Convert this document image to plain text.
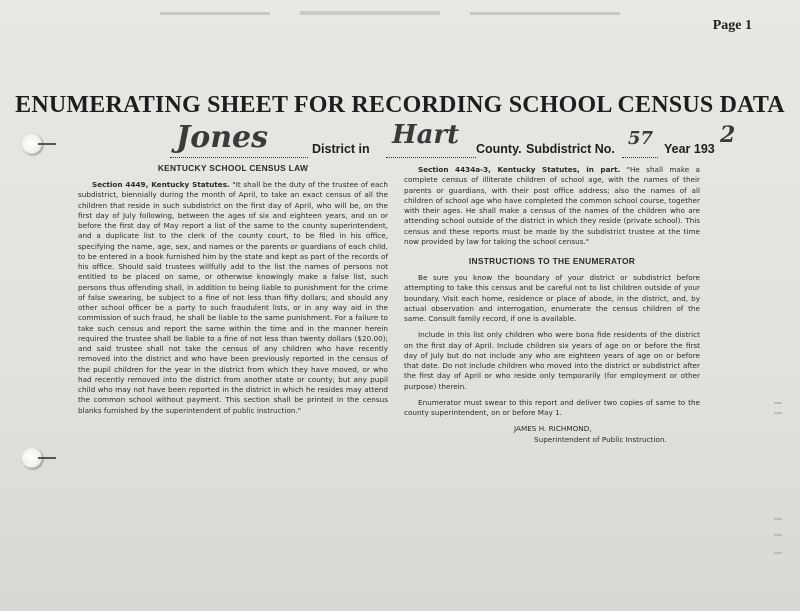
Page 1
ENUMERATING SHEET FOR RECORDING SCHOOL CENSUS DATA
Jones	District in Hart County. Subdistrict No. 57 Year 193
2
KENTUCKY SCHOOL CENSUS LAW

Section 4449, Kentucky Statutes. "It shall be the duty of the trustee of each subdistrict, biennially during the month of April, to take an exact census of all the children that reside in such subdistrict on the first day of April, who will be, on the first day of July following, between the ages of six and eighteen years, and on or before the first day of May report a list of the same to the county superintendent, and a duplicate list to the clerk of the county court, to be filed in his office, specifying the name, age, sex, and names or the parents or guardians of each child, to be entered in a book furnished him by the state and kept as part of the records of his office. Should said trustees willfully add to the list the names of persons not entitled to be placed on same, or otherwise knowingly make a false list, such persons thus offending shall, in addition to being liable to punishment for the crime of false swearing, be subject to a fine of not less than fifty dollars; and should any other school officer be a party to such fraudulent lists, or in any way aid in the commission of such fraud, he shall be liable to the same punishment. For a failure to take such census and report the same within the time and in the manner herein required the trustee shall be liable to a fine of not less than twenty dollars ($20.00); and said trustee shall not take the census of any children who have recently removed into the district and who have been previously reported in the census of the pupil children for the year in the district from which they have moved, or who had recently removed into the district from another state or county; but any pupil child who may not have been reported in the district in which he resides may attend the common school without payment. This section shall be printed in the census blanks furnished by the superintendent of public instruction."

Section 4434a-3, Kentucky Statutes, in part. "He shall make a complete census of illiterate children of school age, with the names of their parents or guardians, with their post office address; also the names of all children of school age who have completed the common school course, together with their ages. He shall make a census of the names of the children who are attending school outside of the district in which they reside (private school). This census and these reports must be made by the subdistrict trustee at the time now provided by law for taking the school census."

INSTRUCTIONS TO THE ENUMERATOR

Be sure you know the boundary of your district or subdistrict before attempting to take this census and be careful not to list children outside of your boundary. Visit each home, residence or place of abode, in the district, and, by actual observation and interrogation, enumerate the census children of the same. Consult family record, if one is available.

Include in this list only children who were bona fide residents of the district on the first day of April. Include children six years of age on or before the first day of July but do not include any who are eighteen years of age on or before that date. Do not include children who moved into the district or subdistrict after the first day of April or who reside only temporarily (for employment or other purpose) therein.

Enumerator must swear to this report and deliver two copies of same to the county superintendent, on or before May 1.

JAMES H. RICHMOND,
Superintendent of Public Instruction.
